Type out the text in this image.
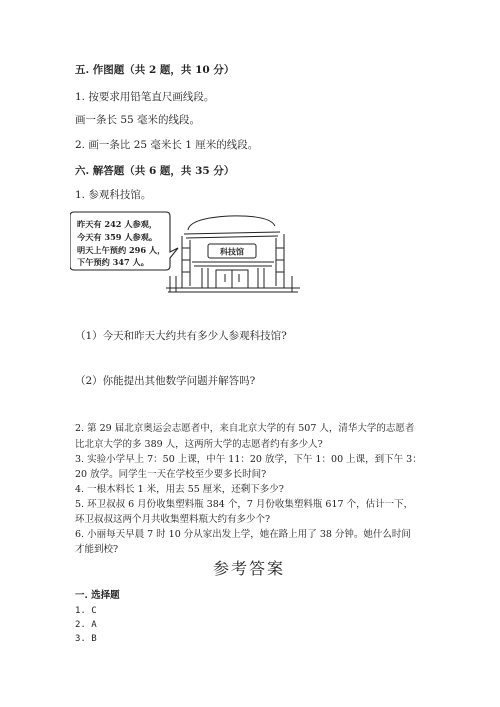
五. 作图题（共 2 题，共 10 分）
1. 按要求用铅笔直尺画线段。
画一条长 55 毫米的线段。
2. 画一条比 25 毫米长 1 厘米的线段。
六. 解答题（共 6 题，共 35 分）
1. 参观科技馆。
昨天有 242 人参观，
今天有 359 人参观。
明天上午预约 296 人，
下午预约 347 人。
科技馆
（1）今天和昨天大约共有多少人参观科技馆?
（2）你能提出其他数学问题并解答吗?
2. 第 29 届北京奥运会志愿者中，来自北京大学的有 507 人，清华大学的志愿者
比北京大学的多 389 人，这两所大学的志愿者约有多少人?
3. 实验小学早上 7：50 上课，中午 11：20 放学，下午 1：00 上课，到下午 3：
20 放学。同学生一天在学校至少要多长时间?
4. 一根木料长 1 米，用去 55 厘米，还剩下多少?
5. 环卫叔叔 6 月份收集塑料瓶 384 个，7 月份收集塑料瓶 617 个，估计一下，
环卫叔叔这两个月共收集塑料瓶大约有多少个?
6. 小丽每天早晨 7 时 10 分从家出发上学，她在路上用了 38 分钟。她什么时间
才能到校?
参考答案
一. 选择题
1. C
2. A
3. B
